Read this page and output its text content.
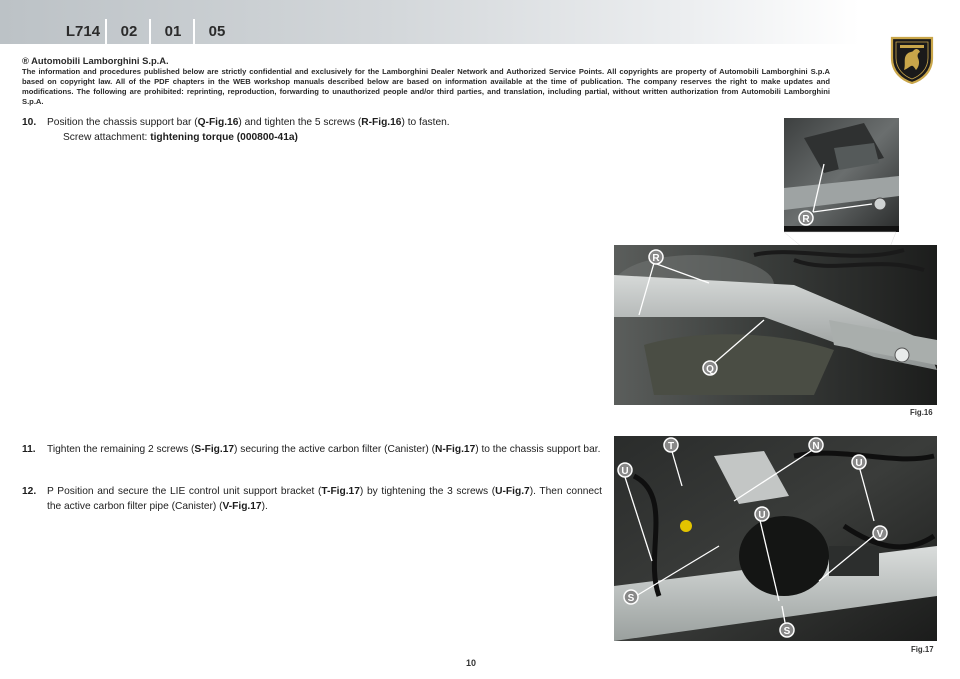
L714	02	01	05
® Automobili Lamborghini S.p.A.
The information and procedures published below are strictly confidential and exclusively for the Lamborghini Dealer Network and Authorized Service Points. All copyrights are property of Automobili Lamborghini S.p.A based on copyright law. All of the PDF chapters in the WEB workshop manuals described below are based on information available at the time of publication. The company reserves the right to make updates and modifications. The following are prohibited: reprinting, reproduction, forwarding to unauthorized people and/or third parties, and translation, including partial, without written authorization from Automobili Lamborghini S.p.A.
10. Position the chassis support bar (Q-Fig.16) and tighten the 5 screws (R-Fig.16) to fasten.
Screw attachment: tightening torque (000800-41a)
11. Tighten the remaining 2 screws (S-Fig.17) securing the active carbon filter (Canister) (N-Fig.17) to the chassis support bar.
12. P Position and secure the LIE control unit support bracket (T-Fig.17) by tightening the 3 screws (U-Fig.7). Then connect the active carbon filter pipe (Canister) (V-Fig.17).
R
R
Q
Fig.16
T	N
U
U
U
V
S
S
Fig.17
10
